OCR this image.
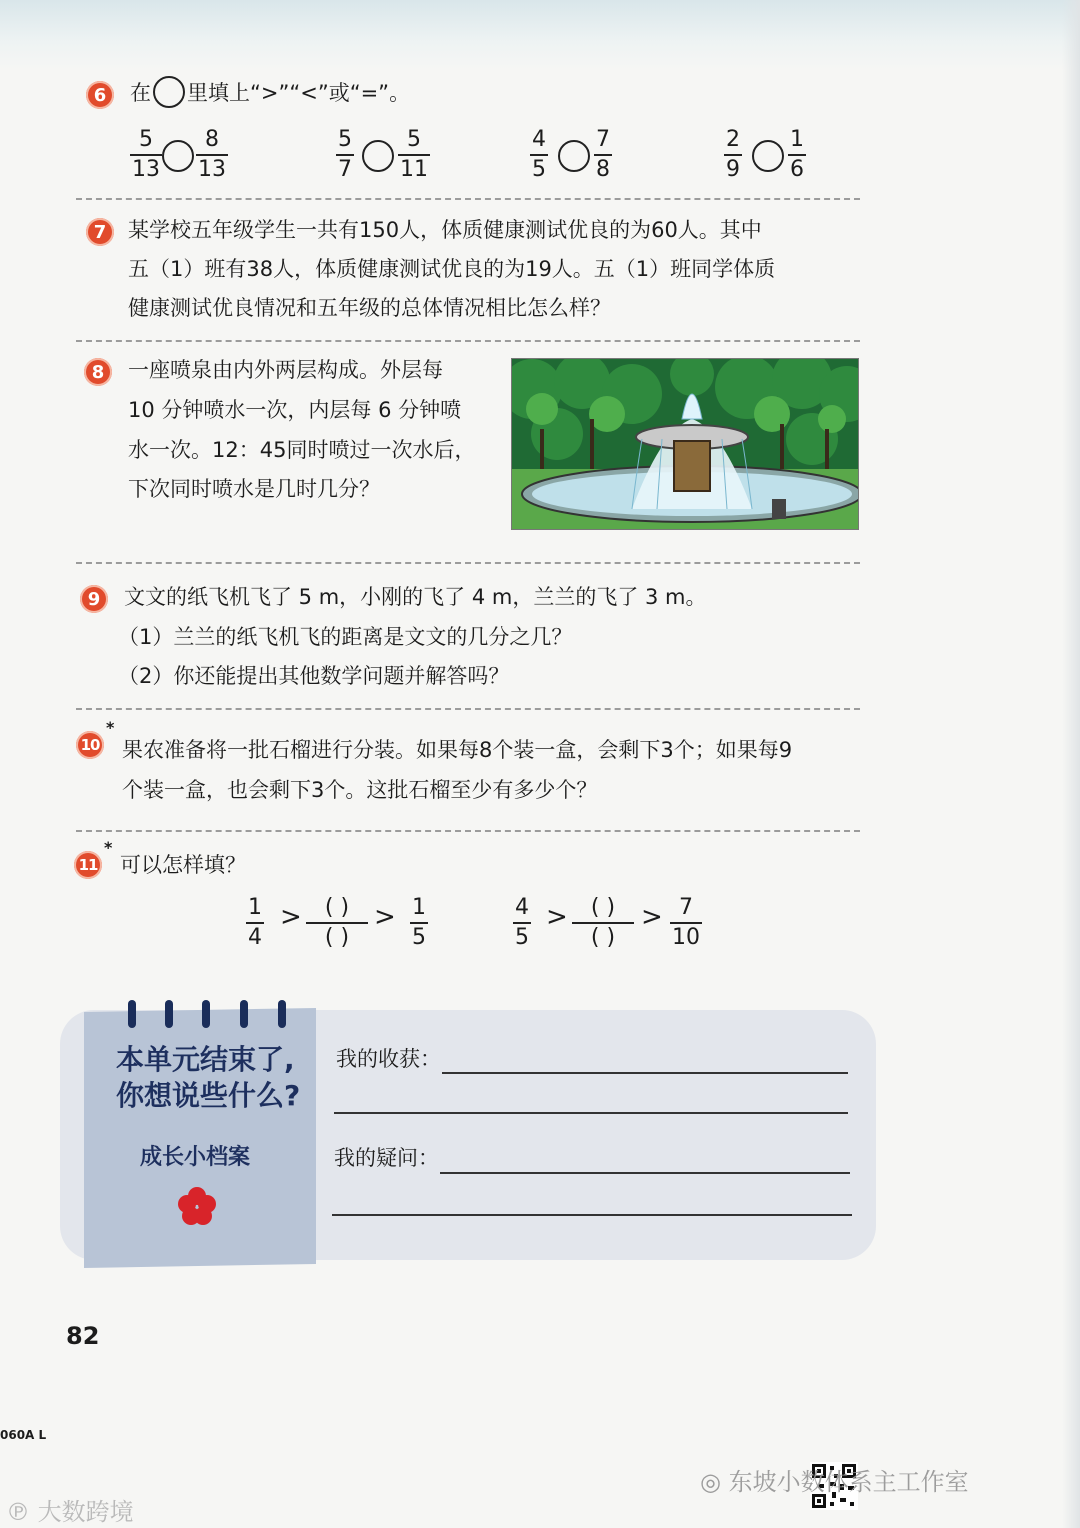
6 在 里填上“>”“<”或“=”。
5
13
8
13
5
7
5
11
4
5
7
8
2
9
1
6
7 某学校五年级学生一共有150人，体质健康测试优良的为60人。其中
五（1）班有38人，体质健康测试优良的为19人。五（1）班同学体质
健康测试优良情况和五年级的总体情况相比怎么样？
8 一座喷泉由内外两层构成。外层每
10 分钟喷水一次，内层每 6 分钟喷
水一次。12：45同时喷过一次水后，
下次同时喷水是几时几分？
9 文文的纸飞机飞了 5 m，小刚的飞了 4 m，兰兰的飞了 3 m。
（1）兰兰的纸飞机飞的距离是文文的几分之几？
（2）你还能提出其他数学问题并解答吗？
10
*
果农准备将一批石榴进行分装。如果每8个装一盒，会剩下3个；如果每9
个装一盒，也会剩下3个。这批石榴至少有多少个？
11
*
可以怎样填？
1
4
> ( )
( )
> 1
5
4
5
> ( )
( )
> 7
10
本单元结束了,
你想说些什么?
成长小档案
我的收获：
我的疑问：
82
060A L
℗ 大数跨境
◎ 东坡小数体系主工作室
